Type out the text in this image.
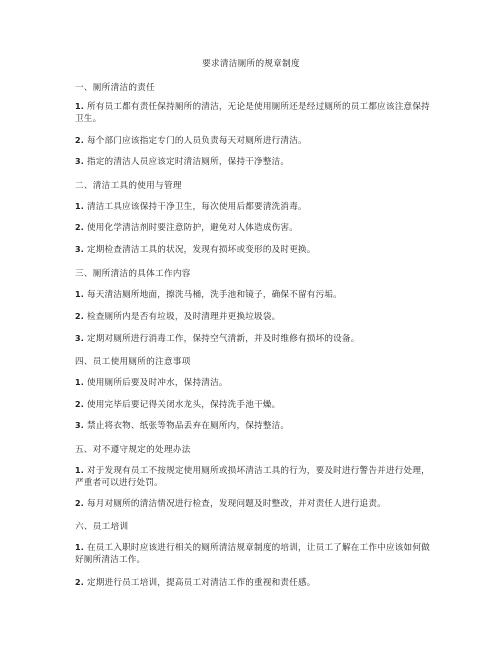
要求清洁厕所的规章制度
一、厕所清洁的责任
1. 所有员工都有责任保持厕所的清洁，无论是使用厕所还是经过厕所的员工都应该注意保持卫生。
2. 每个部门应该指定专门的人员负责每天对厕所进行清洁。
3. 指定的清洁人员应该定时清洁厕所，保持干净整洁。
二、清洁工具的使用与管理
1. 清洁工具应该保持干净卫生，每次使用后都要清洗消毒。
2. 使用化学清洁剂时要注意防护，避免对人体造成伤害。
3. 定期检查清洁工具的状况，发现有损坏或变形的及时更换。
三、厕所清洁的具体工作内容
1. 每天清洁厕所地面，擦洗马桶，洗手池和镜子，确保不留有污垢。
2. 检查厕所内是否有垃圾，及时清理并更换垃圾袋。
3. 定期对厕所进行消毒工作，保持空气清新，并及时维修有损坏的设备。
四、员工使用厕所的注意事项
1. 使用厕所后要及时冲水，保持清洁。
2. 使用完毕后要记得关闭水龙头，保持洗手池干燥。
3. 禁止将衣物、纸张等物品丢弃在厕所内，保持整洁。
五、对不遵守规定的处理办法
1. 对于发现有员工不按规定使用厕所或损坏清洁工具的行为，要及时进行警告并进行处理，严重者可以进行处罚。
2. 每月对厕所的清洁情况进行检查，发现问题及时整改，并对责任人进行追责。
六、员工培训
1. 在员工入职时应该进行相关的厕所清洁规章制度的培训，让员工了解在工作中应该如何做好厕所清洁工作。
2. 定期进行员工培训，提高员工对清洁工作的重视和责任感。
